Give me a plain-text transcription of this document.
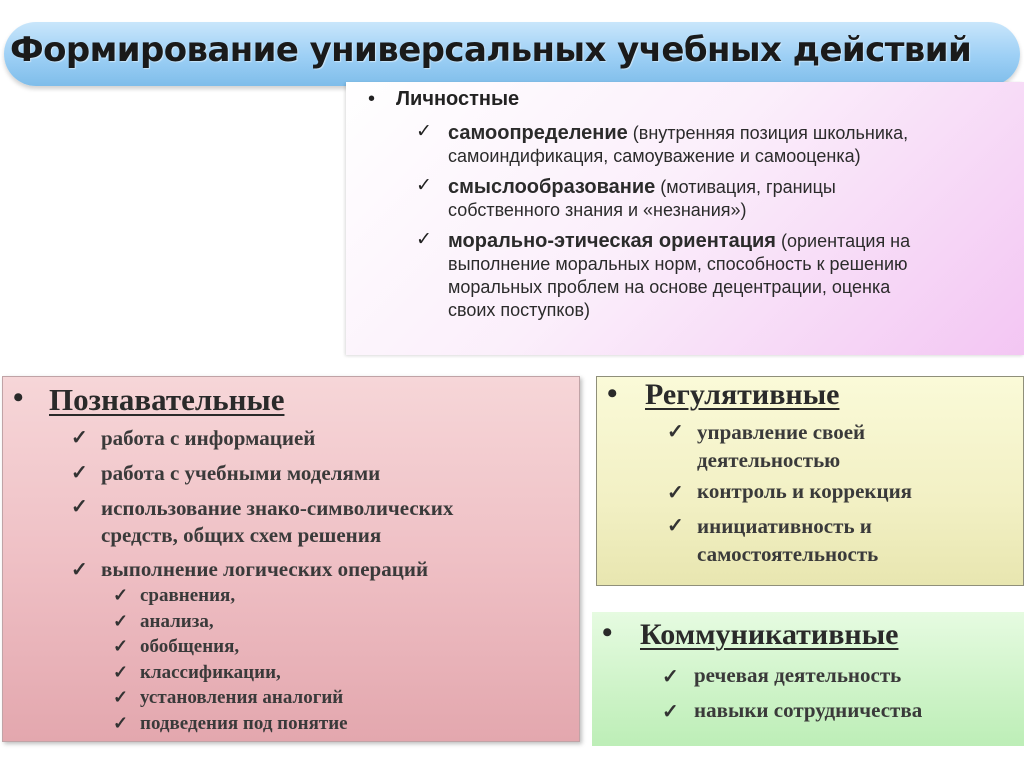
Формирование универсальных учебных действий
• Личностные
✓ самоопределение (внутренняя позиция школьника,
самоиндификация, самоуважение и самооценка)
✓ смыслообразование (мотивация, границы
собственного знания и «незнания»)
✓ морально-этическая ориентация (ориентация на
выполнение моральных норм, способность к решению
моральных проблем на основе децентрации, оценка
своих поступков)
• Познавательные
✓ работа с информацией
✓ работа с учебными моделями
✓ использование знако-символических
средств, общих схем решения
✓ выполнение логических операций
✓ сравнения,
✓ анализа,
✓ обобщения,
✓ классификации,
✓ установления аналогий
✓ подведения под понятие
• Регулятивные
✓ управление своей
деятельностью
✓ контроль и коррекция
✓ инициативность и
самостоятельность
• Коммуникативные
✓ речевая деятельность
✓ навыки сотрудничества
